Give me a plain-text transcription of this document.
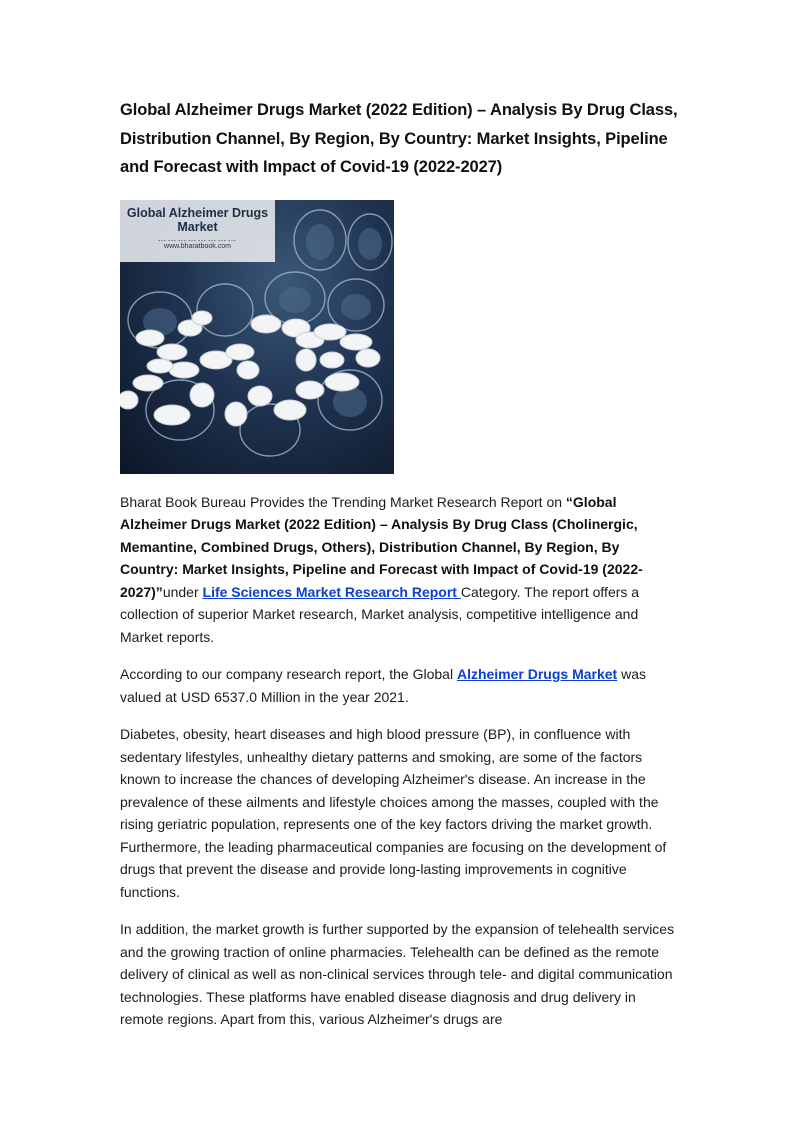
Global Alzheimer Drugs Market (2022 Edition) – Analysis By Drug Class, Distribution Channel, By Region, By Country: Market Insights, Pipeline and Forecast with Impact of Covid-19 (2022-2027)
Global Alzheimer Drugs
Market
……………………
www.bharatbook.com

Bharat Book Bureau Provides the Trending Market Research Report on “Global Alzheimer Drugs Market (2022 Edition) – Analysis By Drug Class (Cholinergic, Memantine, Combined Drugs, Others), Distribution Channel, By Region, By Country: Market Insights, Pipeline and Forecast with Impact of Covid-19 (2022-2027)”under Life Sciences Market Research Report Category. The report offers a collection of superior Market research, Market analysis, competitive intelligence and Market reports.

According to our company research report, the Global Alzheimer Drugs Market was valued at USD 6537.0 Million in the year 2021.

Diabetes, obesity, heart diseases and high blood pressure (BP), in confluence with sedentary lifestyles, unhealthy dietary patterns and smoking, are some of the factors known to increase the chances of developing Alzheimer's disease. An increase in the prevalence of these ailments and lifestyle choices among the masses, coupled with the rising geriatric population, represents one of the key factors driving the market growth. Furthermore, the leading pharmaceutical companies are focusing on the development of drugs that prevent the disease and provide long-lasting improvements in cognitive functions.

In addition, the market growth is further supported by the expansion of telehealth services and the growing traction of online pharmacies. Telehealth can be defined as the remote delivery of clinical as well as non-clinical services through tele- and digital communication technologies. These platforms have enabled disease diagnosis and drug delivery in remote regions. Apart from this, various Alzheimer's drugs are
